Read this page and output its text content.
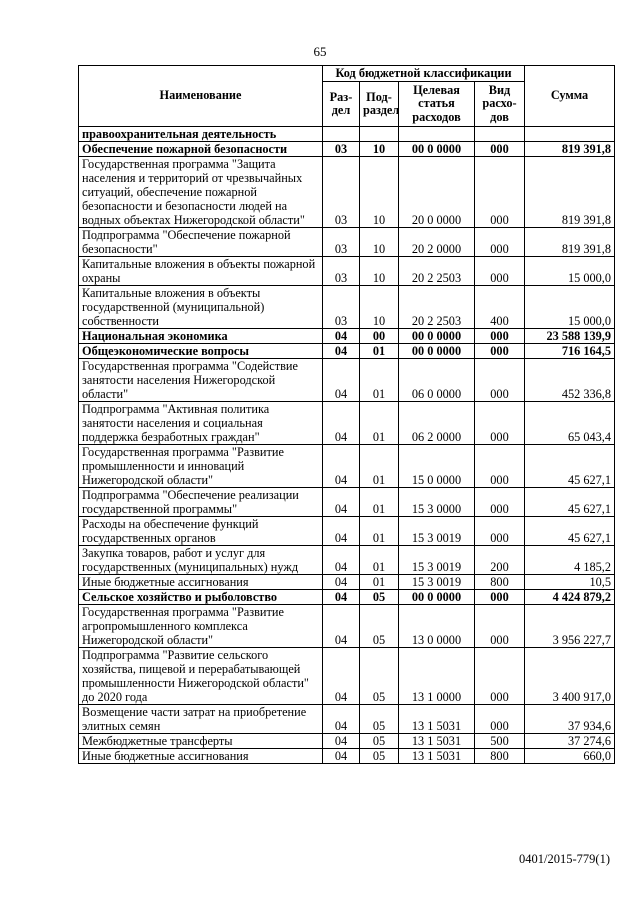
65
Наименование	Код бюджетной классификации				Сумма
	Раз- дел	Под- раздел	Целевая статья расходов	Вид расхо- дов	
правоохранительная деятельность					
Обеспечение пожарной безопасности	03	10	00 0 0000	000	819 391,8
Государственная программа "Защита населения и территорий от чрезвычайных ситуаций, обеспечение пожарной безопасности и безопасности людей на водных объектах Нижегородской области"	03	10	20 0 0000	000	819 391,8
Подпрограмма "Обеспечение пожарной безопасности"	03	10	20 2 0000	000	819 391,8
Капитальные вложения в объекты пожарной охраны	03	10	20 2 2503	000	15 000,0
Капитальные вложения в объекты государственной (муниципальной) собственности	03	10	20 2 2503	400	15 000,0
Национальная экономика	04	00	00 0 0000	000	23 588 139,9
Общеэкономические вопросы	04	01	00 0 0000	000	716 164,5
Государственная программа "Содействие занятости населения Нижегородской области"	04	01	06 0 0000	000	452 336,8
Подпрограмма "Активная политика занятости населения и социальная поддержка безработных граждан"	04	01	06 2 0000	000	65 043,4
Государственная программа "Развитие промышленности и инноваций Нижегородской области"	04	01	15 0 0000	000	45 627,1
Подпрограмма "Обеспечение реализации государственной программы"	04	01	15 3 0000	000	45 627,1
Расходы на обеспечение функций государственных органов	04	01	15 3 0019	000	45 627,1
Закупка товаров, работ и услуг для государственных (муниципальных) нужд	04	01	15 3 0019	200	4 185,2
Иные бюджетные ассигнования	04	01	15 3 0019	800	10,5
Сельское хозяйство и рыболовство	04	05	00 0 0000	000	4 424 879,2
Государственная программа "Развитие агропромышленного комплекса Нижегородской области"	04	05	13 0 0000	000	3 956 227,7
Подпрограмма "Развитие сельского хозяйства, пищевой и перерабатывающей промышленности Нижегородской области" до 2020 года	04	05	13 1 0000	000	3 400 917,0
Возмещение части затрат на приобретение элитных семян	04	05	13 1 5031	000	37 934,6
Межбюджетные трансферты	04	05	13 1 5031	500	37 274,6
Иные бюджетные ассигнования	04	05	13 1 5031	800	660,0
0401/2015-779(1)
